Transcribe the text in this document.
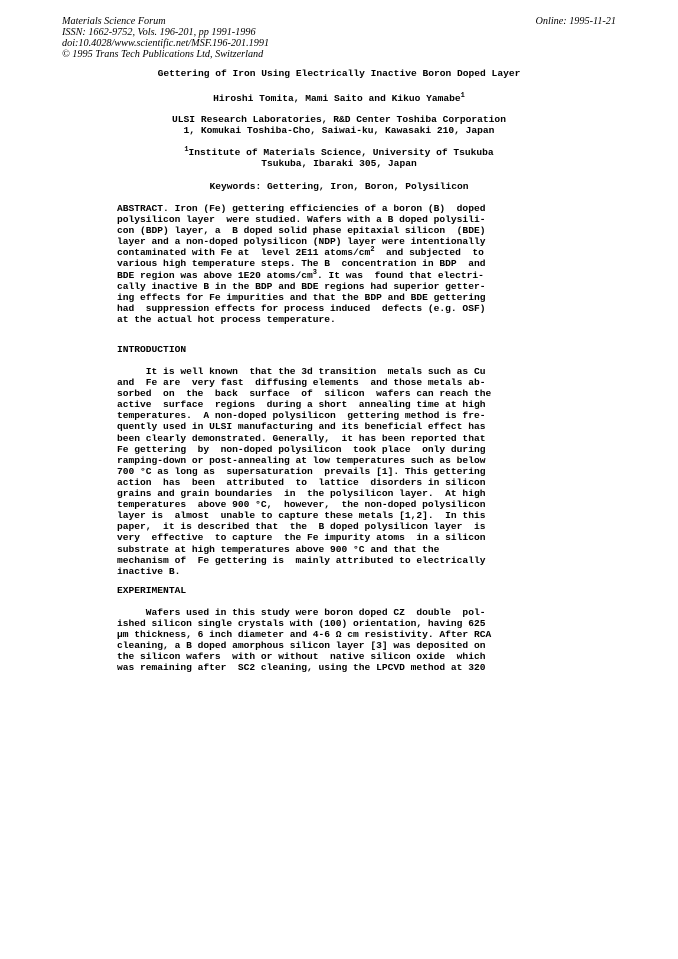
Materials Science Forum
ISSN: 1662-9752, Vols. 196-201, pp 1991-1996
doi:10.4028/www.scientific.net/MSF.196-201.1991
© 1995 Trans Tech Publications Ltd, Switzerland
Online: 1995-11-21
Gettering of Iron Using Electrically Inactive Boron Doped Layer
Hiroshi Tomita, Mami Saito and Kikuo Yamabe$^1$
ULSI Research Laboratories, R&D Center Toshiba Corporation
1, Komukai Toshiba-Cho, Saiwai-ku, Kawasaki 210, Japan
$^1$Institute of Materials Science, University of Tsukuba
Tsukuba, Ibaraki 305, Japan
Keywords: Gettering, Iron, Boron, Polysilicon
ABSTRACT. Iron (Fe) gettering efficiencies of a boron (B)  doped
polysilicon layer  were studied. Wafers with a B doped polysili-
con (BDP) layer, a  B doped solid phase epitaxial silicon  (BDE)
layer and a non-doped polysilicon (NDP) layer were intentionally
contaminated with Fe at  level 2E11 atoms/$cm^2$  and subjected  to
various high temperature steps. The B  concentration in BDP  and
BDE region was above 1E20 atoms/$cm^3$. It was  found that electri-
cally inactive B in the BDP and BDE regions had superior getter-
ing effects for Fe impurities and that the BDP and BDE gettering
had  suppression effects for process induced  defects (e.g. OSF)
at the actual hot process temperature.
INTRODUCTION
It is well known  that the 3d transition  metals such as Cu
and  Fe are  very fast  diffusing elements  and those metals ab-
sorbed  on  the  back  surface  of  silicon  wafers can reach the
active  surface  regions  during a short  annealing time at high
temperatures.  A non-doped polysilicon  gettering method is fre-
quently used in ULSI manufacturing and its beneficial effect has
been clearly demonstrated. Generally,  it has been reported that
Fe gettering  by  non-doped polysilicon  took place  only during
ramping-down or post-annealing at low temperatures such as below
700 °C as long as  supersaturation  prevails [1]. This gettering
action  has  been  attributed  to  lattice  disorders in silicon
grains and grain boundaries  in  the polysilicon layer.  At high
temperatures  above 900 °C,  however,  the non-doped polysilicon
layer is  almost  unable to capture these metals [1,2].  In this
paper,  it is described that  the  B doped polysilicon layer  is
very  effective  to capture  the Fe impurity atoms  in a silicon
substrate at high temperatures above 900 °C and that the
mechanism of  Fe gettering is  mainly attributed to electrically
inactive B.
EXPERIMENTAL
Wafers used in this study were boron doped CZ  double  pol-
ished silicon single crystals with (100) orientation, having 625
µm thickness, 6 inch diameter and 4-6 Ω cm resistivity. After RCA
cleaning, a B doped amorphous silicon layer [3] was deposited on
the silicon wafers  with or without  native silicon oxide  which
was remaining after  SC2 cleaning, using the LPCVD method at 320
